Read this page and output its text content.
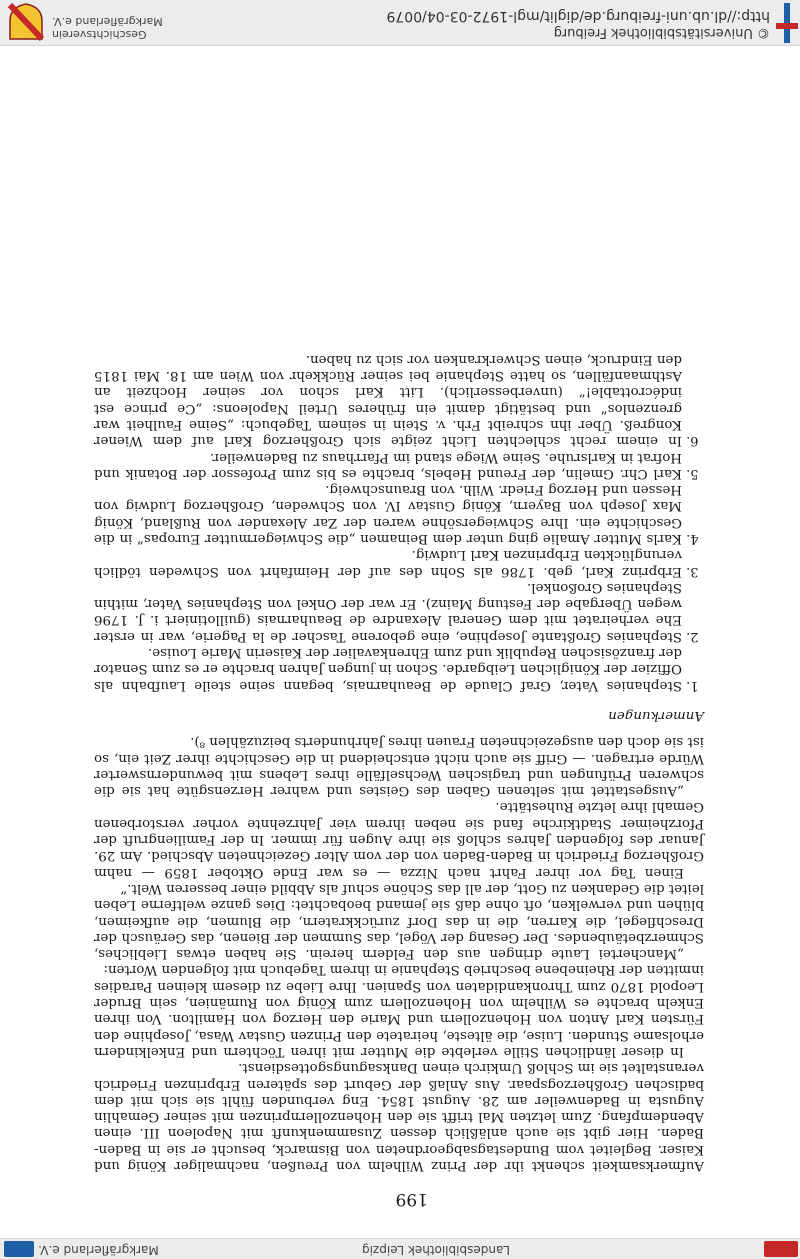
Landesbibliothek Leipzig
Markgräflerland e.V.

Aufmerksamkeit schenkt ihr der Prinz Wilhelm von Preußen, nachmaliger König und Kaiser. Begleitet vom Bundestagsabgeordneten von Bismarck, besucht er sie in Baden-Baden. Hier gibt sie auch anläßlich dessen Zusammenkunft mit Napoleon III. einen Abendempfang. Zum letzten Mal trifft sie den Hohenzollernprinzen mit seiner Gemahlin Augusta in Badenweiler am 28. August 1854. Eng verbunden fühlt sie sich mit dem badischen Großherzogspaar. Aus Anlaß der Geburt des späteren Erbprinzen Friedrich veranstaltet sie im Schloß Umkirch einen Danksagungsgottesdienst.

In dieser ländlichen Stille verlebte die Mutter mit ihren Töchtern und Enkelkindern erholsame Stunden. Luise, die älteste, heiratete den Prinzen Gustav Wasa, Josephine den Fürsten Karl Anton von Hohenzollern und Marie den Herzog von Hamilton. Von ihren Enkeln brachte es Wilhelm von Hohenzollern zum König von Rumänien, sein Bruder Leopold 1870 zum Thronkandidaten von Spanien. Ihre Liebe zu diesem kleinen Paradies inmitten der Rheinebene beschrieb Stephanie in ihrem Tagebuch mit folgenden Worten:

„Manchertei Laute dringen aus den Feldern herein. Sie haben etwas Liebliches, Schmerzbetäubendes. Der Gesang der Vögel, das Summen der Bienen, das Geräusch der Dreschflegel, die Karren, die in das Dorf zurückkratern, die Blumen, die aufkeimen, blühen und verwelken, oft ohne daß sie jemand beobachtet: Dies ganze weltferne Leben leitet die Gedanken zu Gott, der all das Schöne schuf als Abbild einer besseren Welt.“

Einen Tag vor ihrer Fahrt nach Nizza — es war Ende Oktober 1859 — nahm Großherzog Friedrich in Baden-Baden von der vom Alter Gezeichneten Abschied. Am 29. Januar des folgenden Jahres schloß sie ihre Augen für immer. In der Familiengruft der Pforzheimer Stadtkirche fand sie neben ihrem vier Jahrzehnte vorher verstorbenen Gemahl ihre letzte Ruhestätte.

„Ausgestattet mit seltenen Gaben des Geistes und wahrer Herzensgüte hat sie die schweren Prüfungen und tragischen Wechselfälle ihres Lebens mit bewundernswerter Würde ertragen. — Griff sie auch nicht entscheidend in die Geschichte ihrer Zeit ein, so ist sie doch den ausgezeichneten Frauen ihres Jahrhunderts beizuzählen ⁸).

Anmerkungen

1. Stephanies Vater, Graf Claude de Beauharnais, begann seine steile Laufbahn als Offizier der Königlichen Leibgarde. Schon in jungen Jahren brachte er es zum Senator der französischen Republik und zum Ehrenkavalier der Kaiserin Marie Louise.
2. Stephanies Großtante Josephine, eine geborene Tascher de la Pagerie, war in erster Ehe verheiratet mit dem General Alexandre de Beauharnais (guillotiniert i. J. 1796 wegen Übergabe der Festung Mainz). Er war der Onkel von Stephanies Vater, mithin Stephanies Großonkel.
3. Erbprinz Karl, geb. 1786 als Sohn des auf der Heimfahrt von Schweden tödlich verunglückten Erbprinzen Karl Ludwig.
4. Karls Mutter Amalie ging unter dem Beinamen „die Schwiegermutter Europas“ in die Geschichte ein. Ihre Schwiegersöhne waren der Zar Alexander von Rußland, König Max Joseph von Bayern, König Gustav IV. von Schweden, Großherzog Ludwig von Hessen und Herzog Friedr. Wilh. von Braunschweig.
5. Karl Chr. Gmelin, der Freund Hebels, brachte es bis zum Professor der Botanik und Hofrat in Karlsruhe. Seine Wiege stand im Pfarrhaus zu Badenweiler.
6. In einem recht schlechten Licht zeigte sich Großherzog Karl auf dem Wiener Kongreß. Über ihn schreibt Frh. v. Stein in seinem Tagebuch: „Seine Faulheit war grenzenlos“ und bestätigt damit ein früheres Urteil Napoleons: „Ce prince est indécrottable!“ (unverbesserlich). Litt Karl schon vor seiner Hochzeit an Asthmaanfällen, so hatte Stephanie bei seiner Rückkehr von Wien am 18. Mai 1815 den Eindruck, einen Schwerkranken vor sich zu haben.
199
© Universitätsbibliothek Freiburg
http://dl.ub.uni-freiburg.de/diglit/mgl-1972-03-04/0079
Geschichtsverein
Markgräflerland e.V.
